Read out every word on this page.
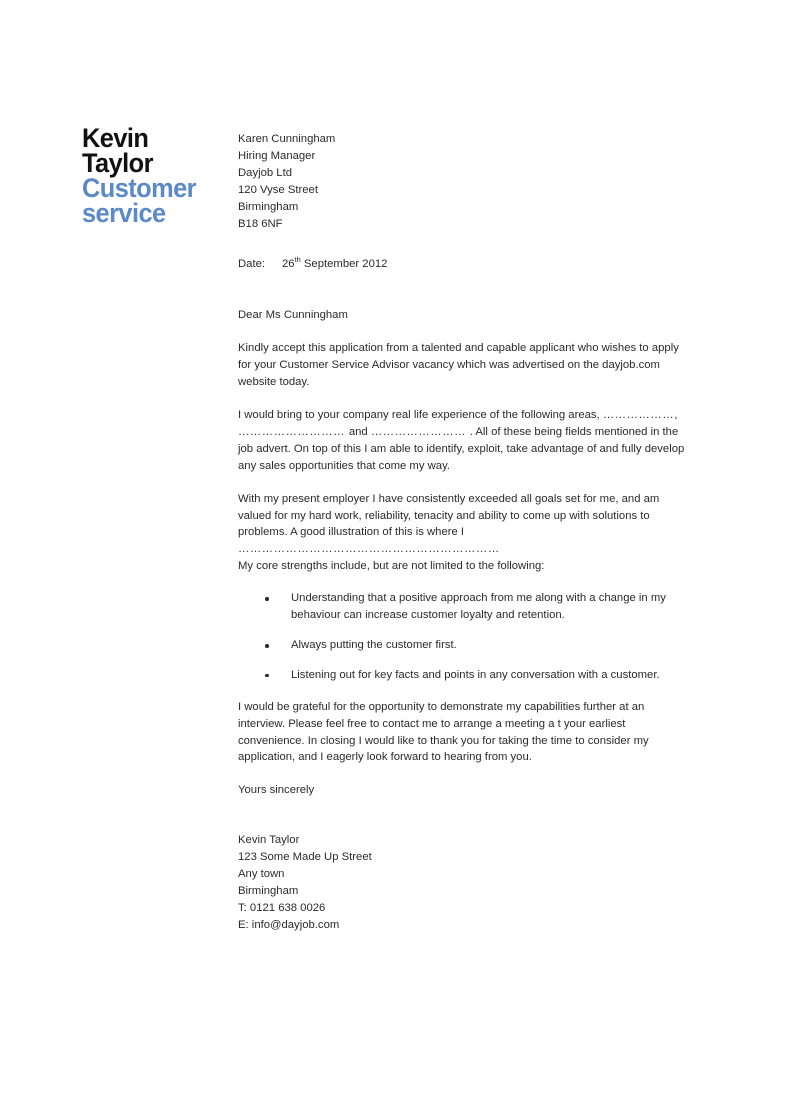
Kevin
Taylor
Customer
service
Karen Cunningham
Hiring Manager
Dayjob Ltd
120 Vyse Street
Birmingham
B18 6NF
Date: 26th September 2012

Dear Ms Cunningham

Kindly accept this application from a talented and capable applicant who wishes to apply for your Customer Service Advisor vacancy which was advertised on the dayjob.com website today.

I would bring to your company real life experience of the following areas, ………………, ……………………… and …………………… . All of these being fields mentioned in the job advert. On top of this I am able to identify, exploit, take advantage of and fully develop any sales opportunities that come my way.

With my present employer I have consistently exceeded all goals set for me, and am valued for my hard work, reliability, tenacity and ability to come up with solutions to problems. A good illustration of this is where I …………………………………………………………

My core strengths include, but are not limited to the following:

Understanding that a positive approach from me along with a change in my behaviour can increase customer loyalty and retention.
Always putting the customer first.
Listening out for key facts and points in any conversation with a customer.

I would be grateful for the opportunity to demonstrate my capabilities further at an interview. Please feel free to contact me to arrange a meeting a t your earliest convenience. In closing I would like to thank you for taking the time to consider my application, and I eagerly look forward to hearing from you.

Yours sincerely

Kevin Taylor
123 Some Made Up Street
Any town
Birmingham
T: 0121 638 0026
E: info@dayjob.com
